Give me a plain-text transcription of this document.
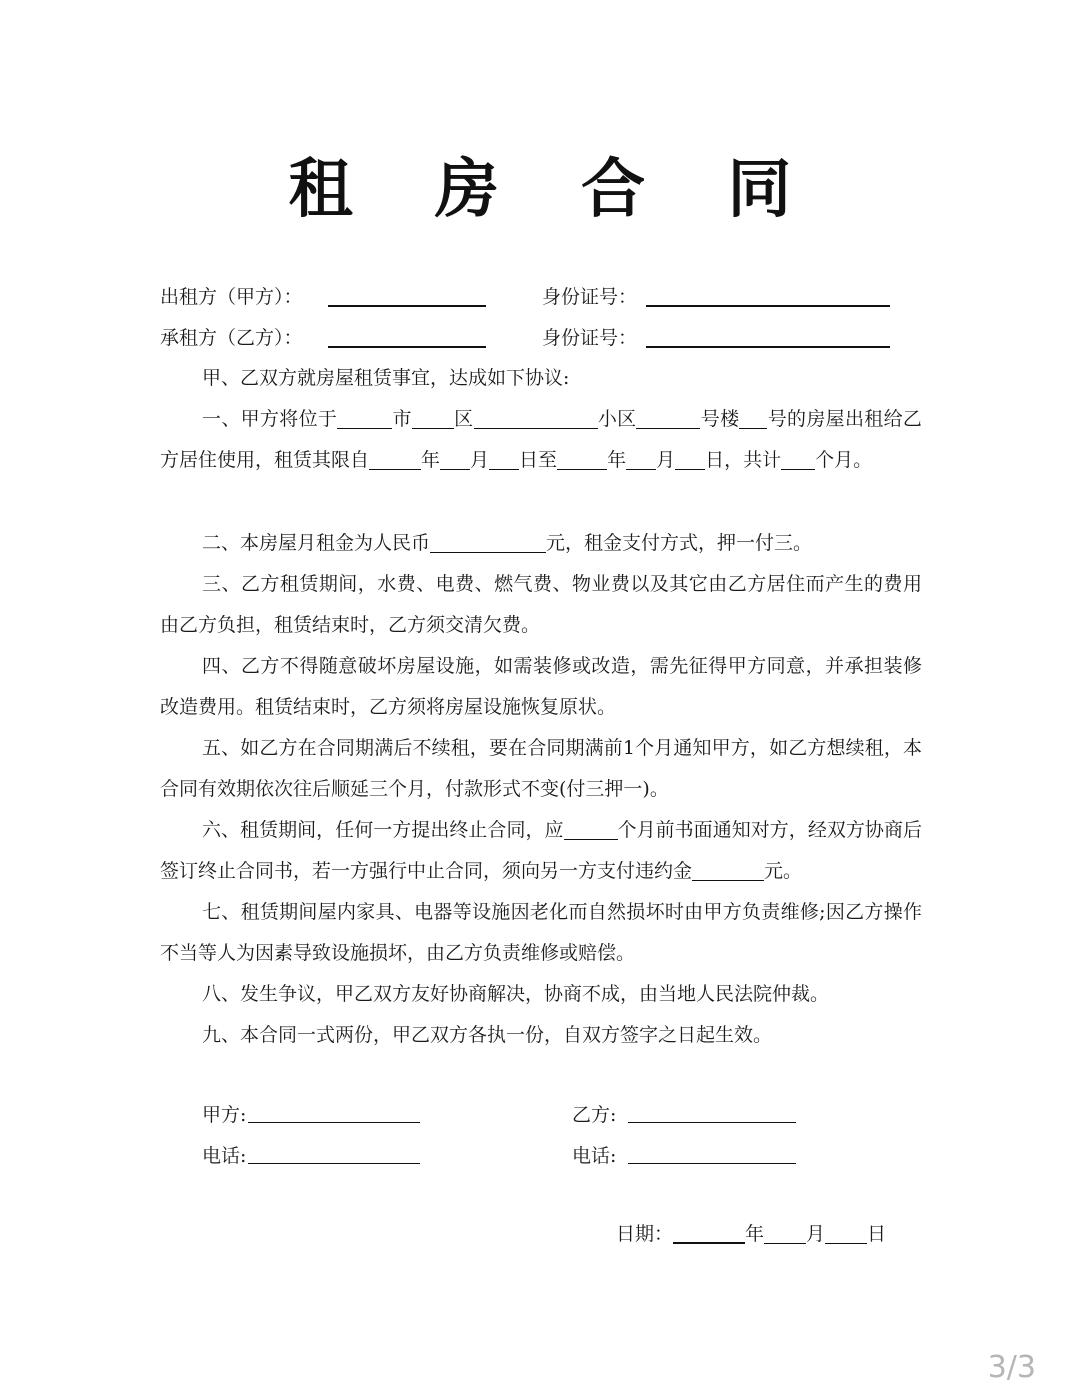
租 房 合 同
出租方（甲方）：	身份证号：
承租方（乙方）：	身份证号：

甲、乙双方就房屋租赁事宜，达成如下协议:

一、甲方将位于	市 区	小区	号楼 号的房屋出租给乙方居住使用，租赁其限自	年 月 日至	年 月 日，共计 个月。

二、本房屋月租金为人民币	元，租金支付方式，押一付三。

三、乙方租赁期间，水费、电费、燃气费、物业费以及其它由乙方居住而产生的费用由乙方负担，租赁结束时，乙方须交清欠费。

四、乙方不得随意破坏房屋设施，如需装修或改造，需先征得甲方同意，并承担装修改造费用。租赁结束时，乙方须将房屋设施恢复原状。

五、如乙方在合同期满后不续租，要在合同期满前1个月通知甲方，如乙方想续租，本合同有效期依次往后顺延三个月，付款形式不变(付三押一)。

六、租赁期间，任何一方提出终止合同，应	个月前书面通知对方，经双方协商后签订终止合同书，若一方强行中止合同，须向另一方支付违约金	元。

七、租赁期间屋内家具、电器等设施因老化而自然损坏时由甲方负责维修;因乙方操作不当等人为因素导致设施损坏，由乙方负责维修或赔偿。

八、发生争议，甲乙双方友好协商解决，协商不成，由当地人民法院仲裁。

九、本合同一式两份，甲乙双方各执一份，自双方签字之日起生效。

甲方:	乙方:
电话:	电话:
日期：	年 月 日
3/3
